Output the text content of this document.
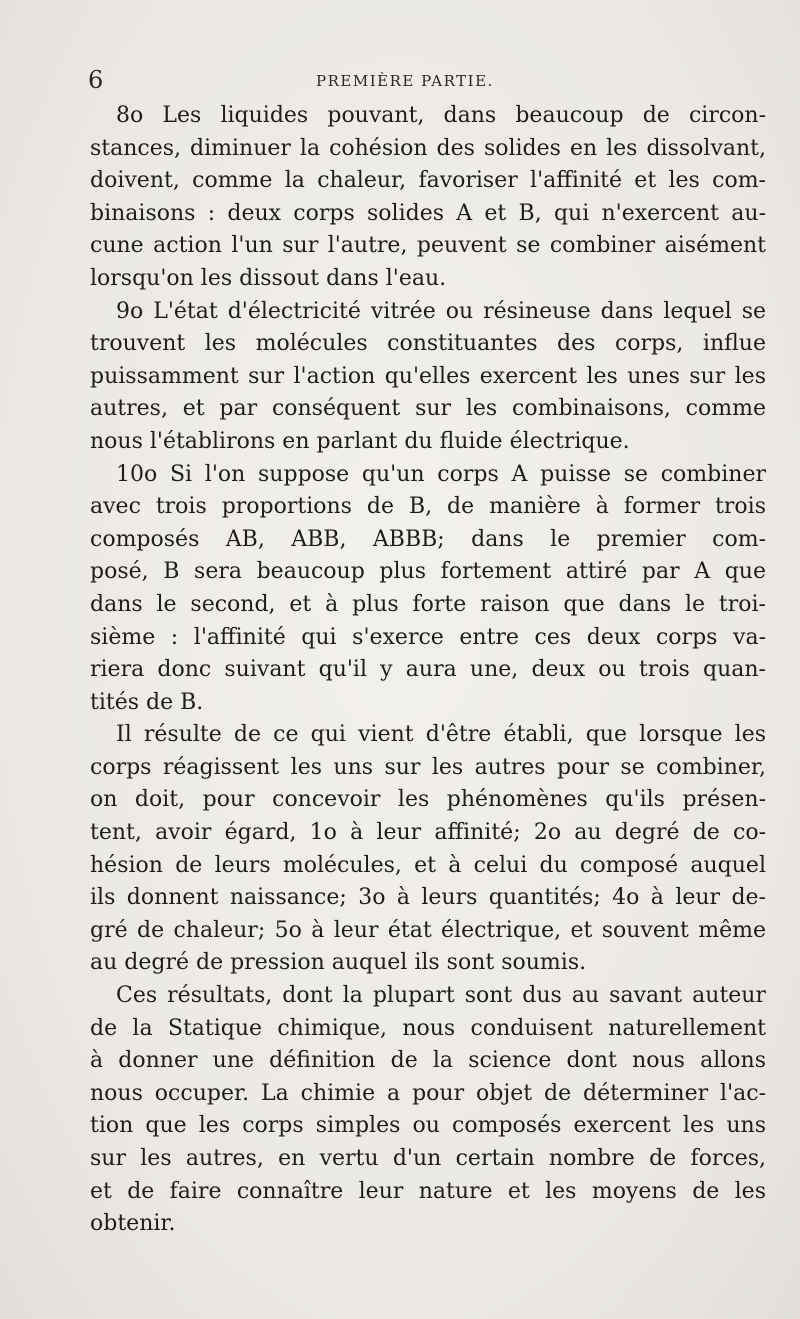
6	PREMIÈRE PARTIE.

8o Les liquides pouvant, dans beaucoup de circon-
stances, diminuer la cohésion des solides en les dissolvant,
doivent, comme la chaleur, favoriser l'affinité et les com-
binaisons : deux corps solides A et B, qui n'exercent au-
cune action l'un sur l'autre, peuvent se combiner aisément
lorsqu'on les dissout dans l'eau.

9o L'état d'électricité vitrée ou résineuse dans lequel se
trouvent les molécules constituantes des corps, influe
puissamment sur l'action qu'elles exercent les unes sur les
autres, et par conséquent sur les combinaisons, comme
nous l'établirons en parlant du fluide électrique.

10o Si l'on suppose qu'un corps A puisse se combiner
avec trois proportions de B, de manière à former trois
composés AB, ABB, ABBB; dans le premier com-
posé, B sera beaucoup plus fortement attiré par A que
dans le second, et à plus forte raison que dans le troi-
sième : l'affinité qui s'exerce entre ces deux corps va-
riera donc suivant qu'il y aura une, deux ou trois quan-
tités de B.

Il résulte de ce qui vient d'être établi, que lorsque les
corps réagissent les uns sur les autres pour se combiner,
on doit, pour concevoir les phénomènes qu'ils présen-
tent, avoir égard, 1o à leur affinité; 2o au degré de co-
hésion de leurs molécules, et à celui du composé auquel
ils donnent naissance; 3o à leurs quantités; 4o à leur de-
gré de chaleur; 5o à leur état électrique, et souvent même
au degré de pression auquel ils sont soumis.

Ces résultats, dont la plupart sont dus au savant auteur
de la Statique chimique, nous conduisent naturellement
à donner une définition de la science dont nous allons
nous occuper. La chimie a pour objet de déterminer l'ac-
tion que les corps simples ou composés exercent les uns
sur les autres, en vertu d'un certain nombre de forces,
et de faire connaître leur nature et les moyens de les
obtenir.
